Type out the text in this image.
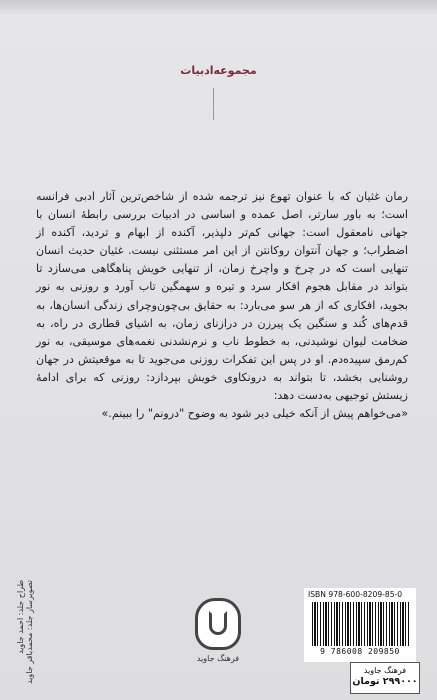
مجموعه‌ادبیات

رمان غثیان که با عنوان تهوع نیز ترجمه شده از شاخص‌ترین آثار ادبی فرانسه است؛ به باور سارتر، اصل عمده و اساسی در ادبیات بررسی رابطهٔ انسان با جهانی نامعقول است: جهانی کم‌تر دلپذیر، آکنده از ابهام و تردید، آکنده از اضطراب؛ و جهان آنتوان روکانتن از این امر مستثنی نیست. غثیان حدیث انسان تنهایی است که در چرخ و واچرخ زمان، از تنهایی خویش پناهگاهی می‌سازد تا بتواند در مقابل هجوم افکار سرد و تیره و سهمگین تاب آورد و روزنی به نور بجوید، افکاری که از هر سو می‌بارد: به حقایق بی‌چون‌وچرای زندگی انسان‌ها، به قدم‌های کُند و سنگین یک پیرزن در درازنای زمان، به اشیای قطاری در راه، به ضخامت لیوان نوشیدنی، به خطوط ناب و نرم‌نشدنی نغمه‌های موسیقی، به نور کم‌رمق سپیده‌دم. او در پس این تفکرات روزنی می‌جوید تا به موقعیتش در جهان روشنایی بخشد، تا بتواند به درونکاوی خویش بپردازد: روزنی که برای ادامهٔ زیستش توجیهی به‌دست دهد:

«می‌خواهم پیش از آنکه خیلی دیر شود به وضوح "درونم" را ببینم.»

طراح جلد: احمد جاوید تصویرساز جلد: محمدباقر جاوید	فرهنگ جاوید
ISBN 978-600-8209-85-0
9 786008 209850
فرهنگ جاوید
۲۹۹۰۰۰ تومان
